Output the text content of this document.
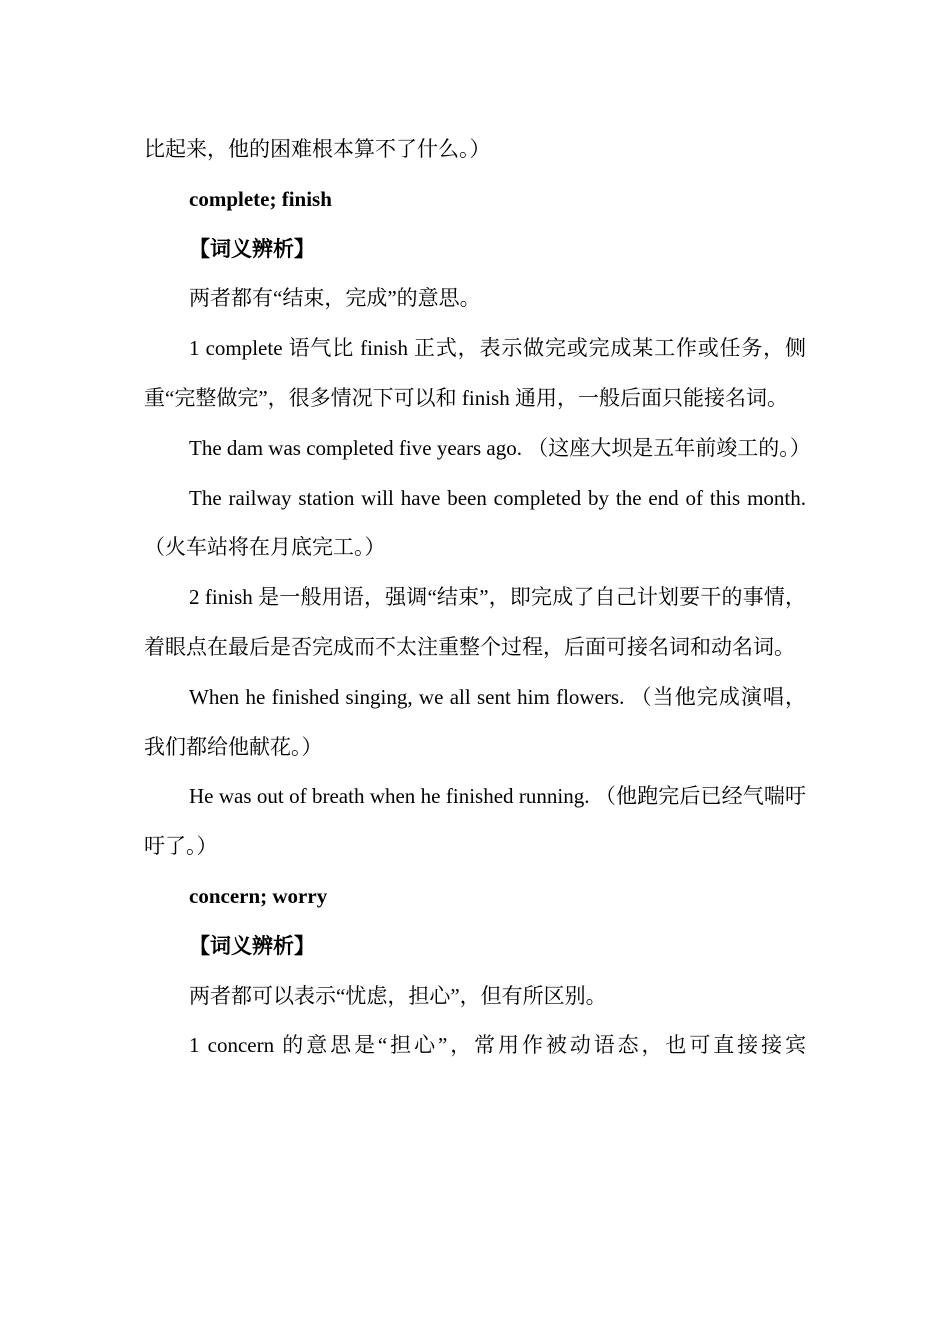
比起来，他的困难根本算不了什么。）

complete; finish

【词义辨析】

两者都有“结束，完成”的意思。

1 complete 语气比 finish 正式，表示做完或完成某工作或任务，侧重“完整做完”，很多情况下可以和 finish 通用，一般后面只能接名词。

The dam was completed five years ago. （这座大坝是五年前竣工的。）

The railway station will have been completed by the end of this month. （火车站将在月底完工。）

2 finish 是一般用语，强调“结束”，即完成了自己计划要干的事情，着眼点在最后是否完成而不太注重整个过程，后面可接名词和动名词。

When he finished singing, we all sent him flowers. （当他完成演唱，我们都给他献花。）

He was out of breath when he finished running. （他跑完后已经气喘吁吁了。）

concern; worry

【词义辨析】

两者都可以表示“忧虑，担心”，但有所区别。

1 concern 的意思是“担心”，常用作被动语态，也可直接接宾
